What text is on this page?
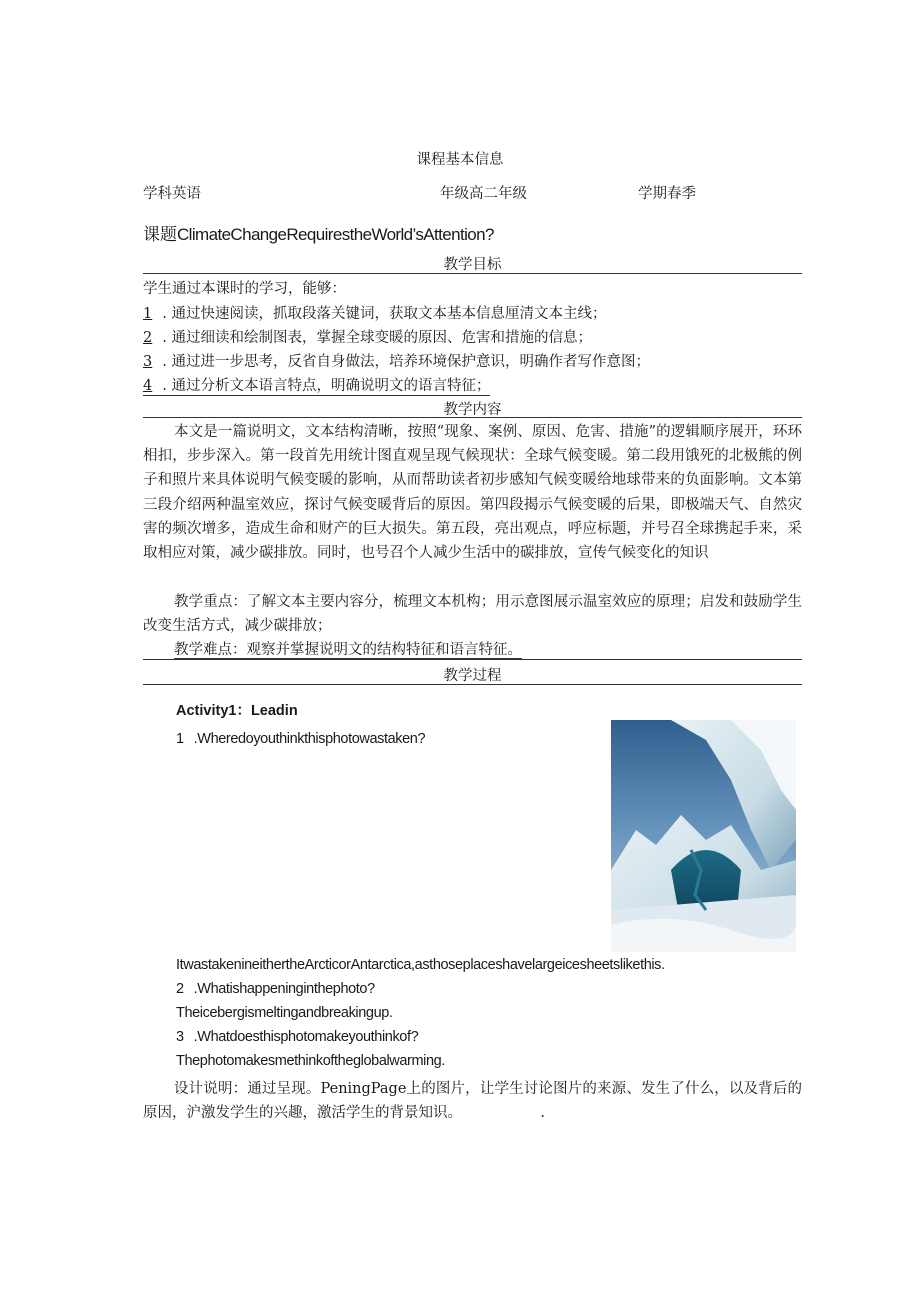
课程基本信息
学科英语	年级高二年级	学期春季
课题ClimateChangeRequirestheWorld’sAttention?
教学目标
学生通过本课时的学习，能够：
1 . 通过快速阅读，抓取段落关键词，获取文本基本信息厘清文本主线；
2 . 通过细读和绘制图表，掌握全球变暖的原因、危害和措施的信息；
3 . 通过进一步思考，反省自身做法，培养环境保护意识，明确作者写作意图；
4 . 通过分析文本语言特点，明确说明文的语言特征；
教学内容
本文是一篇说明文，文本结构清晰，按照“现象、案例、原因、危害、措施”的逻辑顺序展开，环环相扣，步步深入。第一段首先用统计图直观呈现气候现状：全球气候变暖。第二段用饿死的北极熊的例子和照片来具体说明气候变暖的影响，从而帮助读者初步感知气候变暖给地球带来的负面影响。文本第三段介绍两种温室效应，探讨气候变暖背后的原因。第四段揭示气候变暖的后果，即极端天气、自然灾害的频次增多，造成生命和财产的巨大损失。第五段，亮出观点，呼应标题，并号召全球携起手来，采取相应对策，减少碳排放。同时，也号召个人减少生活中的碳排放，宣传气候变化的知识
教学重点：了解文本主要内容分，梳理文本机构；用示意图展示温室效应的原理；启发和鼓励学生改变生活方式，减少碳排放；
教学难点：观察并掌握说明文的结构特征和语言特征。
教学过程
Activity1：Leadin
1 .Wheredoyouthinkthisphotowastaken?
ItwastakenineithertheArcticorAntarctica,asthoseplaceshavelargeicesheetslikethis.
2 .Whatishappeninginthephoto?
Theicebergismeltingandbreakingup.
3 .Whatdoesthisphotomakeyouthinkof?
Thephotomakesmethinkoftheglobalwarming.
设计说明：通过呈现。PeningPage上的图片，让学生讨论图片的来源、发生了什么，以及背后的原因，沪激发学生的兴趣，激活学生的背景知识。                 .
